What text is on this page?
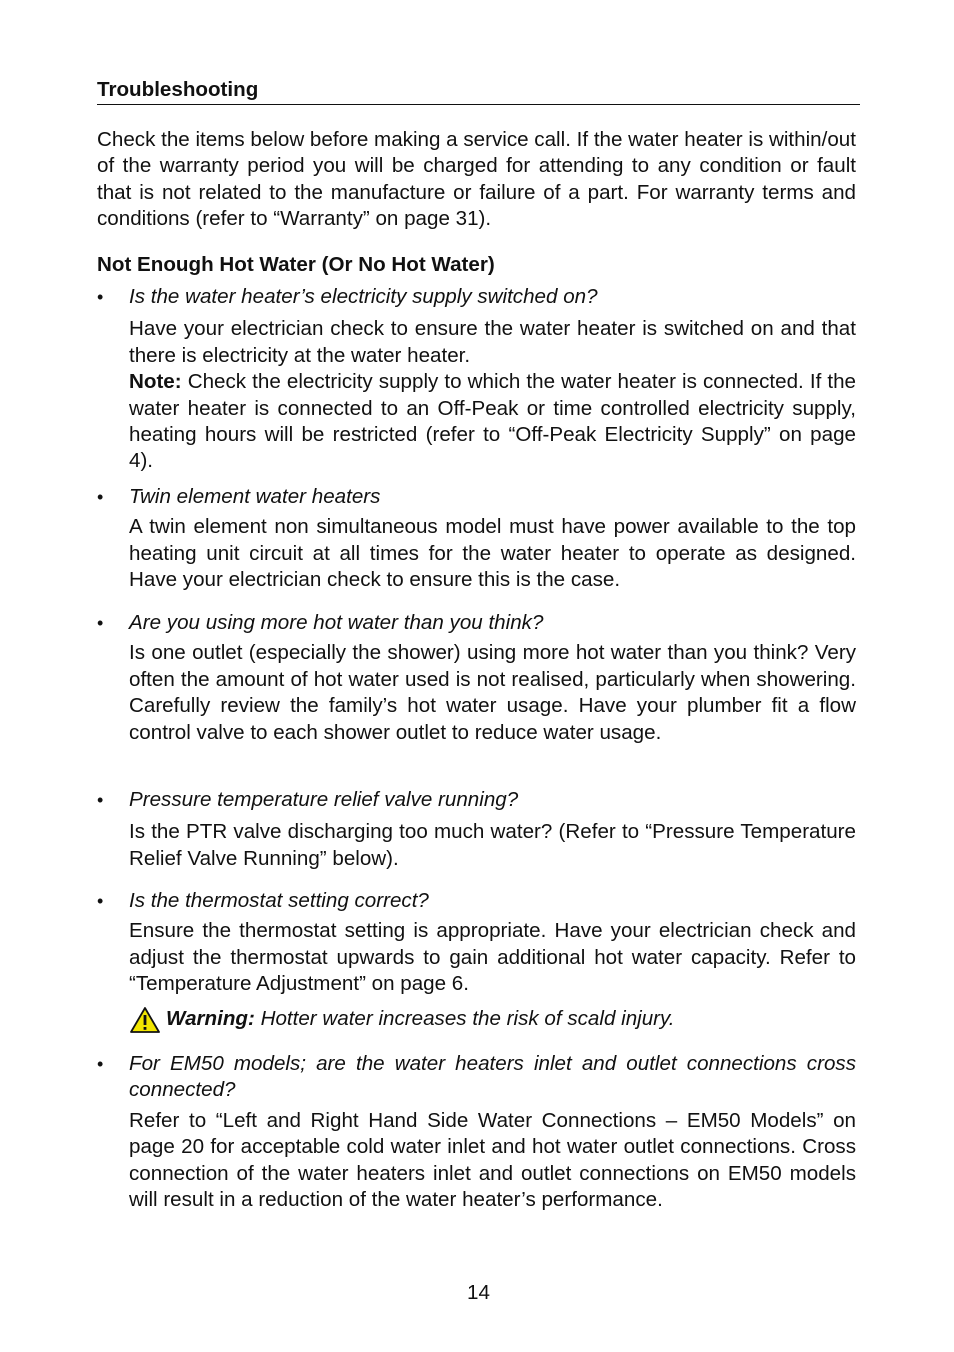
Troubleshooting

Check the items below before making a service call. If the water heater is within/out of the warranty period you will be charged for attending to any condition or fault that is not related to the manufacture or failure of a part. For warranty terms and conditions (refer to “Warranty” on page 31).

Not Enough Hot Water (Or No Hot Water)

•	Is the water heater’s electricity supply switched on?

Have your electrician check to ensure the water heater is switched on and that there is electricity at the water heater.

Note: Check the electricity supply to which the water heater is connected. If the water heater is connected to an Off-Peak or time controlled electricity supply, heating hours will be restricted (refer to “Off-Peak Electricity Supply” on page 4).

•	Twin element water heaters

A twin element non simultaneous model must have power available to the top heating unit circuit at all times for the water heater to operate as designed. Have your electrician check to ensure this is the case.

•	Are you using more hot water than you think?

Is one outlet (especially the shower) using more hot water than you think? Very often the amount of hot water used is not realised, particularly when showering. Carefully review the family’s hot water usage. Have your plumber fit a flow control valve to each shower outlet to reduce water usage.

•	Pressure temperature relief valve running?

Is the PTR valve discharging too much water? (Refer to “Pressure Temperature Relief Valve Running” below).

•	Is the thermostat setting correct?

Ensure the thermostat setting is appropriate. Have your electrician check and adjust the thermostat upwards to gain additional hot water capacity. Refer to “Temperature Adjustment” on page 6.

Warning: Hotter water increases the risk of scald injury.
•	For EM50 models; are the water heaters inlet and outlet connections cross connected?

Refer to “Left and Right Hand Side Water Connections – EM50 Models” on page 20 for acceptable cold water inlet and hot water outlet connections. Cross connection of the water heaters inlet and outlet connections on EM50 models will result in a reduction of the water heater’s performance.

14
